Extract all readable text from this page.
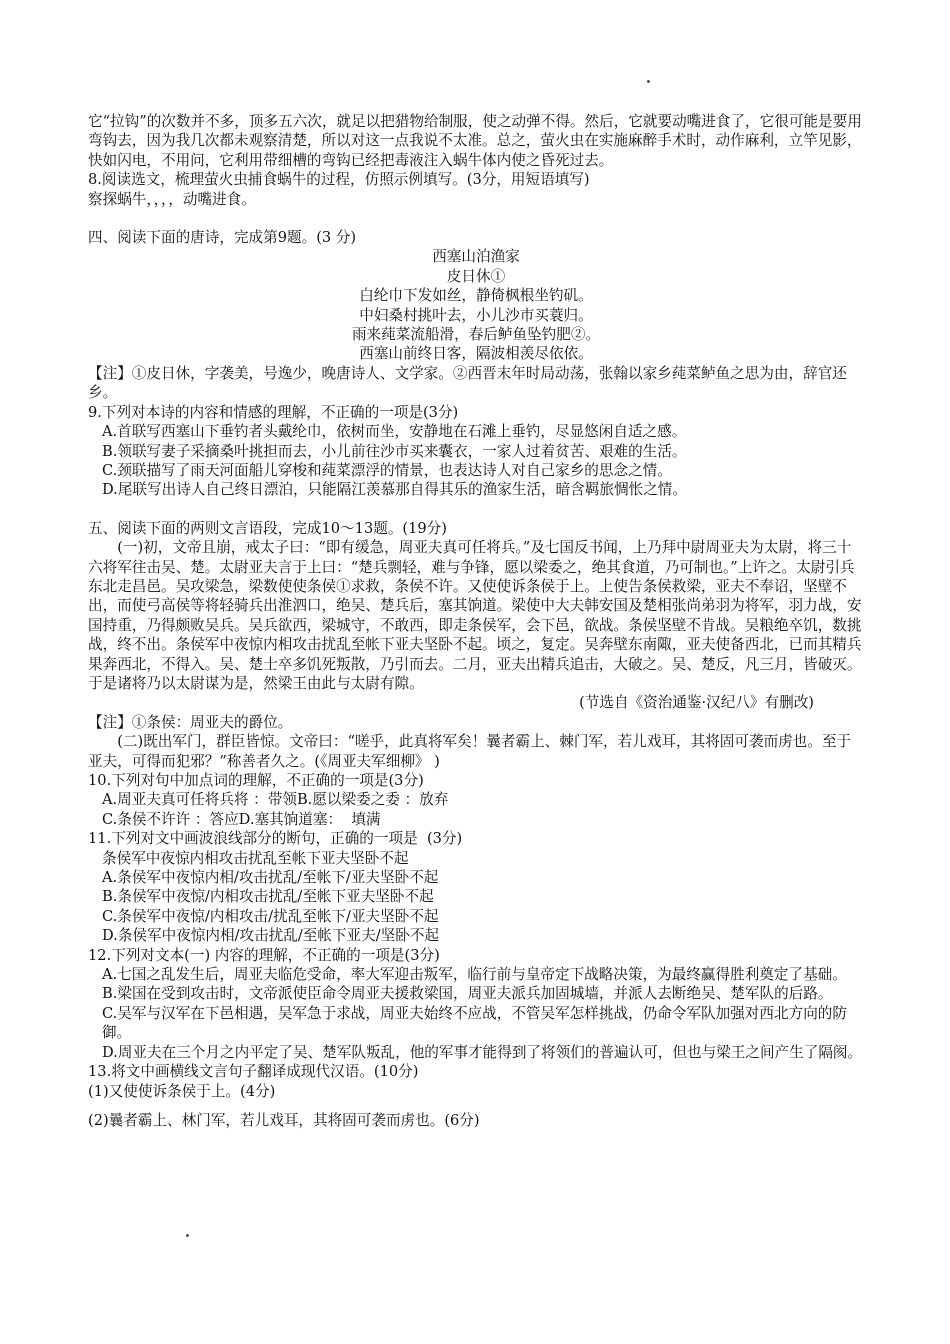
它“拉钩”的次数并不多，顶多五六次，就足以把猎物给制服，使之动弹不得。然后，它就要动嘴进食了，它很可能是要用弯钩去，因为我几次都未观察清楚，所以对这一点我说不太准。总之，萤火虫在实施麻醉手术时，动作麻利，立竿见影，快如闪电，不用问，它利用带细槽的弯钩已经把毒液注入蜗牛体内使之昏死过去。

8.阅读选文，梳理萤火虫捕食蜗牛的过程，仿照示例填写。(3分，用短语填写)

察探蜗牛，，，，动嘴进食。

四、阅读下面的唐诗，完成第9题。(3 分)

西塞山泊渔家

皮日休①

白纶巾下发如丝，静倚枫根坐钓矶。

中妇桑村挑叶去，小儿沙市买蓑归。

雨来莼菜流船滑，春后鲈鱼坠钓肥②。

西塞山前终日客，隔波相羡尽依依。

【注】①皮日休，字袭美，号逸少，晚唐诗人、文学家。②西晋末年时局动荡，张翰以家乡莼菜鲈鱼之思为由，辞官还乡。

9.下列对本诗的内容和情感的理解，不正确的一项是(3分)

A.首联写西塞山下垂钓者头戴纶巾，依树而坐，安静地在石滩上垂钓，尽显悠闲自适之感。

B.领联写妻子采摘桑叶挑担而去，小儿前往沙市买来囊衣，一家人过着贫苦、艰难的生活。

C.颈联描写了雨天河面船儿穿梭和莼菜漂浮的情景，也表达诗人对自己家乡的思念之情。

D.尾联写出诗人自己终日漂泊，只能隔江羡慕那自得其乐的渔家生活，暗含羁旅惆怅之情。

五、阅读下面的两则文言语段，完成10～13题。(19分)

(一)初，文帝且崩，戒太子曰：“即有缓急，周亚夫真可任将兵。”及七国反书闻，上乃拜中尉周亚夫为太尉，将三十六将军往击吴、楚。太尉亚夫言于上曰：“楚兵剽轻，难与争锋，愿以梁委之，绝其食道，乃可制也。”上许之。太尉引兵东北走昌邑。吴攻梁急，梁数使使条侯①求救，条侯不许。又使使诉条侯于上。上使告条侯救梁，亚夫不奉诏，坚壁不出，而使弓高侯等将轻骑兵出淮泗口，绝吴、楚兵后，塞其饷道。梁使中大夫韩安国及楚相张尚弟羽为将军，羽力战，安国持重，乃得颇败吴兵。吴兵欲西，梁城守，不敢西，即走条侯军，会下邑，欲战。条侯坚壁不肯战。吴粮绝卒饥，数挑战，终不出。条侯军中夜惊内相攻击扰乱至帐下亚夫坚卧不起。顷之，复定。吴奔壁东南陬，亚夫使备西北，已而其精兵果奔西北，不得入。吴、楚士卒多饥死叛散，乃引而去。二月，亚夫出精兵追击，大破之。吴、楚反，凡三月，皆破灭。于是诸将乃以太尉谋为是，然梁王由此与太尉有隙。

(节选自《资治通鉴·汉纪八》有删改)

【注】①条侯：周亚夫的爵位。

(二)既出军门，群臣皆惊。文帝曰：“嗟乎，此真将军矣！曩者霸上、棘门军，若儿戏耳，其将固可袭而虏也。至于亚夫，可得而犯邪？”称善者久之。(《周亚夫军细柳》 )

10.下列对句中加点词的理解，不正确的一项是(3分)

A.周亚夫真可任将兵将 ：带领B.愿以梁委之委 ：放弃

C.条侯不许许 ：答应D.塞其饷道塞：  填满

11.下列对文中画波浪线部分的断句，正确的一项是  (3分)

条侯军中夜惊内相攻击扰乱至帐下亚夫坚卧不起

A.条侯军中夜惊内相/攻击扰乱/至帐下/亚夫坚卧不起

B.条侯军中夜惊/内相攻击扰乱/至帐下亚夫坚卧不起

C.条侯军中夜惊/内相攻击/扰乱至帐下/亚夫坚卧不起

D.条侯军中夜惊内相/攻击扰乱/至帐下亚夫/坚卧不起

12.下列对文本(一) 内容的理解，不正确的一项是(3分)

A.七国之乱发生后，周亚夫临危受命，率大军迎击叛军，临行前与皇帝定下战略决策，为最终赢得胜利奠定了基础。

B.梁国在受到攻击时，文帝派使臣命令周亚夫援救梁国，周亚夫派兵加固城墙，并派人去断绝吴、楚军队的后路。

C.吴军与汉军在下邑相遇，吴军急于求战，周亚夫始终不应战，不管吴军怎样挑战，仍命令军队加强对西北方向的防御。

D.周亚夫在三个月之内平定了吴、楚军队叛乱，他的军事才能得到了将领们的普遍认可，但也与梁王之间产生了隔阂。

13.将文中画横线文言句子翻译成现代汉语。(10分)

(1)又使使诉条侯于上。(4分)

(2)曩者霸上、林门军，若儿戏耳，其将固可袭而虏也。(6分)
